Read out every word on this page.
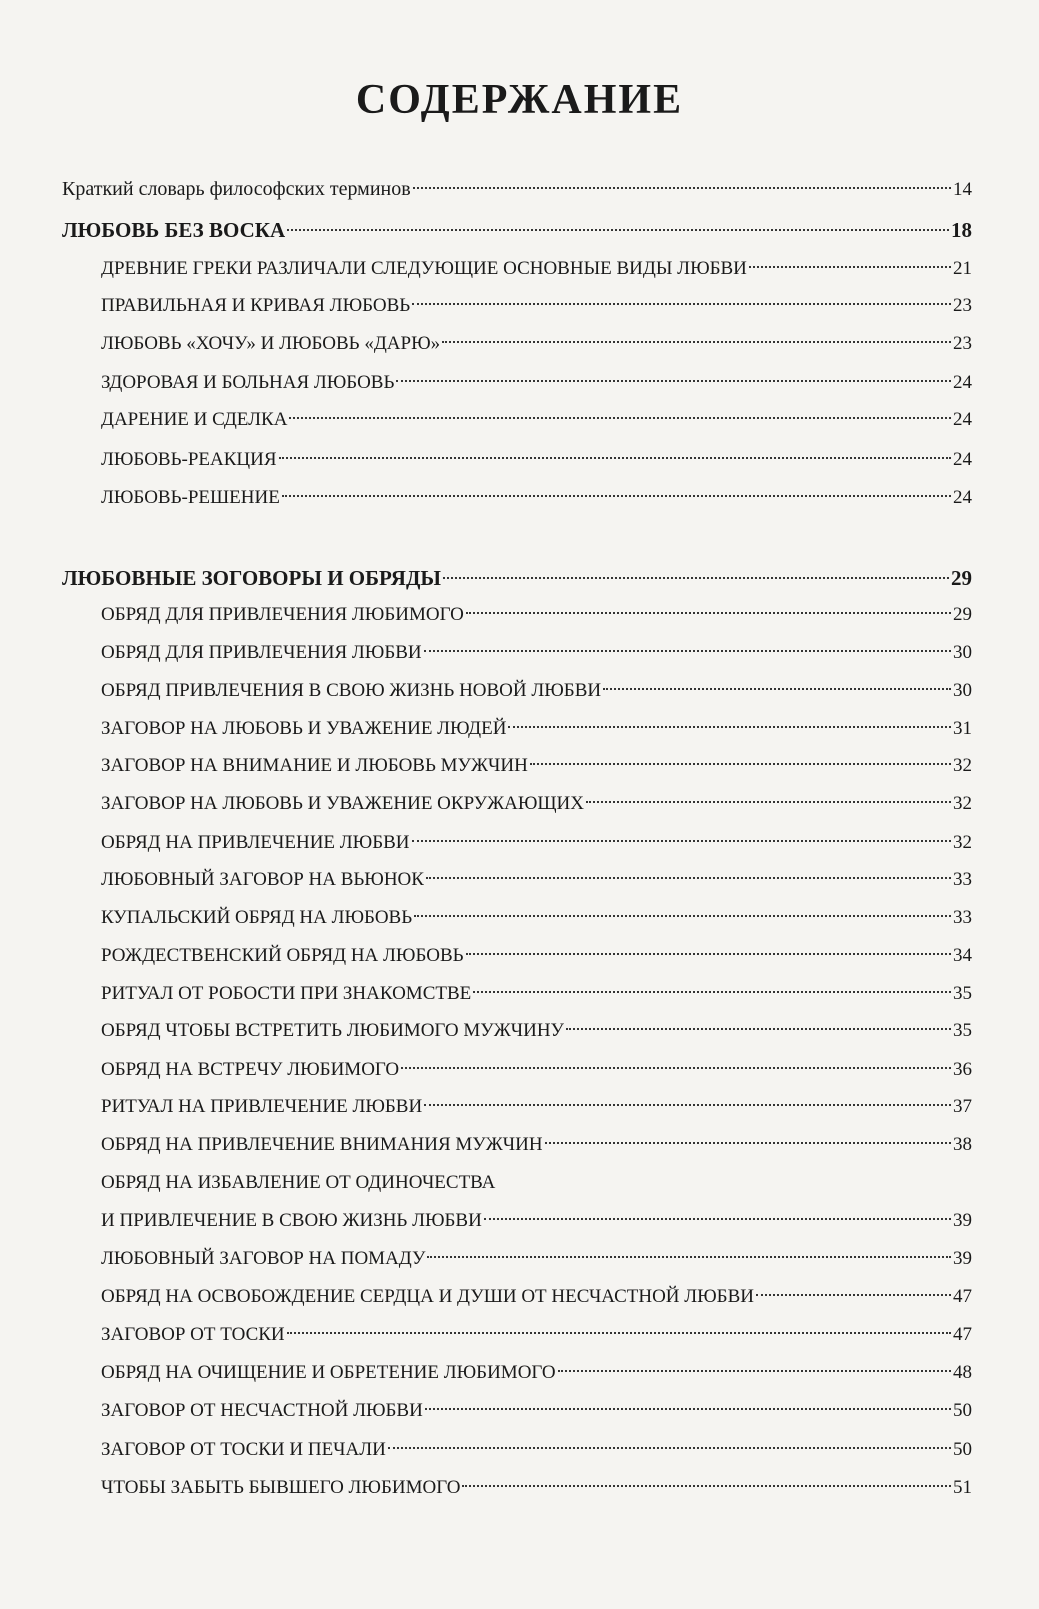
СОДЕРЖАНИЕ
Краткий словарь философских терминов	14
ЛЮБОВЬ БЕЗ ВОСКА	18
ДРЕВНИЕ ГРЕКИ РАЗЛИЧАЛИ СЛЕДУЮЩИЕ ОСНОВНЫЕ ВИДЫ ЛЮБВИ	21
ПРАВИЛЬНАЯ И КРИВАЯ ЛЮБОВЬ	23
ЛЮБОВЬ «ХОЧУ» И ЛЮБОВЬ «ДАРЮ»	23
ЗДОРОВАЯ И БОЛЬНАЯ ЛЮБОВЬ	24
ДАРЕНИЕ И СДЕЛКА	24
ЛЮБОВЬ-РЕАКЦИЯ	24
ЛЮБОВЬ-РЕШЕНИЕ	24
ЛЮБОВНЫЕ ЗОГОВОРЫ И ОБРЯДЫ	29
ОБРЯД ДЛЯ ПРИВЛЕЧЕНИЯ ЛЮБИМОГО	29
ОБРЯД ДЛЯ ПРИВЛЕЧЕНИЯ ЛЮБВИ	30
ОБРЯД ПРИВЛЕЧЕНИЯ В СВОЮ ЖИЗНЬ НОВОЙ ЛЮБВИ	30
ЗАГОВОР НА ЛЮБОВЬ И УВАЖЕНИЕ ЛЮДЕЙ	31
ЗАГОВОР НА ВНИМАНИЕ И ЛЮБОВЬ МУЖЧИН	32
ЗАГОВОР НА ЛЮБОВЬ И УВАЖЕНИЕ ОКРУЖАЮЩИХ	32
ОБРЯД НА ПРИВЛЕЧЕНИЕ ЛЮБВИ	32
ЛЮБОВНЫЙ ЗАГОВОР НА ВЬЮНОК	33
КУПАЛЬСКИЙ ОБРЯД НА ЛЮБОВЬ	33
РОЖДЕСТВЕНСКИЙ ОБРЯД НА ЛЮБОВЬ	34
РИТУАЛ ОТ РОБОСТИ ПРИ ЗНАКОМСТВЕ	35
ОБРЯД ЧТОБЫ ВСТРЕТИТЬ ЛЮБИМОГО МУЖЧИНУ	35
ОБРЯД НА ВСТРЕЧУ ЛЮБИМОГО	36
РИТУАЛ НА ПРИВЛЕЧЕНИЕ ЛЮБВИ	37
ОБРЯД НА ПРИВЛЕЧЕНИЕ ВНИМАНИЯ МУЖЧИН	38
ОБРЯД НА ИЗБАВЛЕНИЕ ОТ ОДИНОЧЕСТВА
И ПРИВЛЕЧЕНИЕ В СВОЮ ЖИЗНЬ ЛЮБВИ	39
ЛЮБОВНЫЙ ЗАГОВОР НА ПОМАДУ	39
ОБРЯД НА ОСВОБОЖДЕНИЕ СЕРДЦА И ДУШИ ОТ НЕСЧАСТНОЙ ЛЮБВИ	47
ЗАГОВОР ОТ ТОСКИ	47
ОБРЯД НА ОЧИЩЕНИЕ И ОБРЕТЕНИЕ ЛЮБИМОГО	48
ЗАГОВОР ОТ НЕСЧАСТНОЙ ЛЮБВИ	50
ЗАГОВОР ОТ ТОСКИ И ПЕЧАЛИ	50
ЧТОБЫ ЗАБЫТЬ БЫВШЕГО ЛЮБИМОГО	51
